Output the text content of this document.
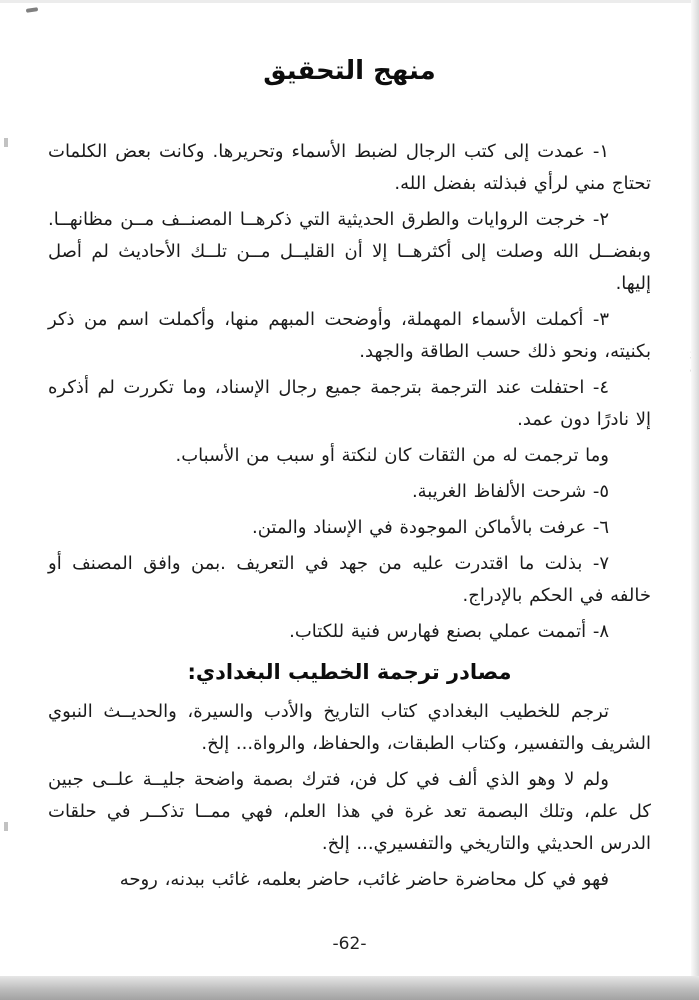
منهج التحقيق

١- عمدت إلى كتب الرجال لضبط الأسماء وتحريرها. وكانت بعض الكلمات تحتاج مني لرأي فبذلته بفضل الله.

٢- خرجت الروايات والطرق الحديثية التي ذكرهــا المصنــف مــن مظانهــا. وبفضــل الله وصلت إلى أكثرهــا إلا أن القليــل مــن تلــك الأحاديث لم أصل إليها.

٣- أكملت الأسماء المهملة، وأوضحت المبهم منها، وأكملت اسم من ذكر بكنيته، ونحو ذلك حسب الطاقة والجهد.

٤- احتفلت عند الترجمة بترجمة جميع رجال الإسناد، وما تكررت لم أذكره إلا نادرًا دون عمد.

وما ترجمت له من الثقات كان لنكتة أو سبب من الأسباب.

٥- شرحت الألفاظ الغريبة.

٦- عرفت بالأماكن الموجودة في الإسناد والمتن.

٧- بذلت ما اقتدرت عليه من جهد في التعريف .بمن وافق المصنف أو خالفه في الحكم بالإدراج.

٨- أتممت عملي بصنع فهارس فنية للكتاب.

مصادر ترجمة الخطيب البغدادي:

ترجم للخطيب البغدادي كتاب التاريخ والأدب والسيرة، والحديــث النبوي الشريف والتفسير، وكتاب الطبقات، والحفاظ، والرواة... إلخ.

ولم لا وهو الذي ألف في كل فن، فترك بصمة واضحة جليــة علــى جبين كل علم، وتلك البصمة تعد غرة في هذا العلم، فهي ممــا تذكــر في حلقات الدرس الحديثي والتاريخي والتفسيري... إلخ.

فهو في كل محاضرة حاضر غائب، حاضر بعلمه، غائب ببدنه، روحه

-62-
